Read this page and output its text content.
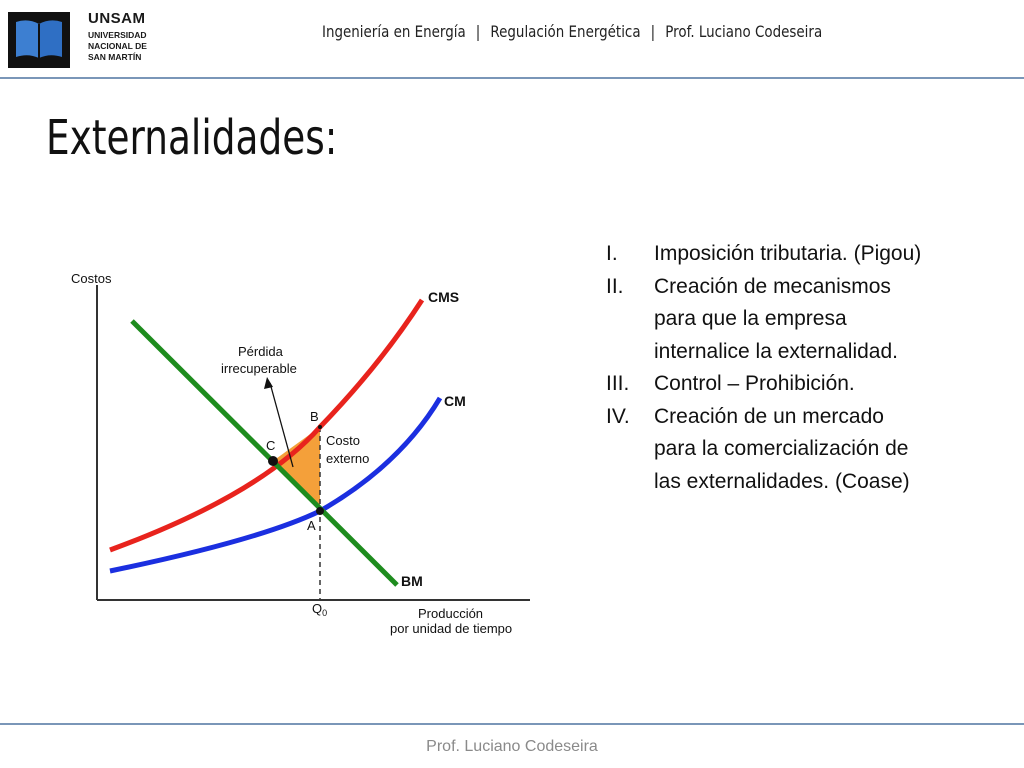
UNSAM
UNIVERSIDAD
NACIONAL DE
SAN MARTÍN
Ingeniería en Energía | Regulación Energética | Prof. Luciano Codeseira
Externalidades:
Costos
Producción
por unidad de tiempo
CMS
CM
BM
B
C
A
$Q_0$
Costo
externo
Pérdida
irrecuperable
I. Imposición tributaria. (Pigou)
II. Creación de mecanismos para que la empresa internalice la externalidad.
III. Control – Prohibición.
IV. Creación de un mercado para la comercialización de las externalidades. (Coase)
Prof. Luciano Codeseira
